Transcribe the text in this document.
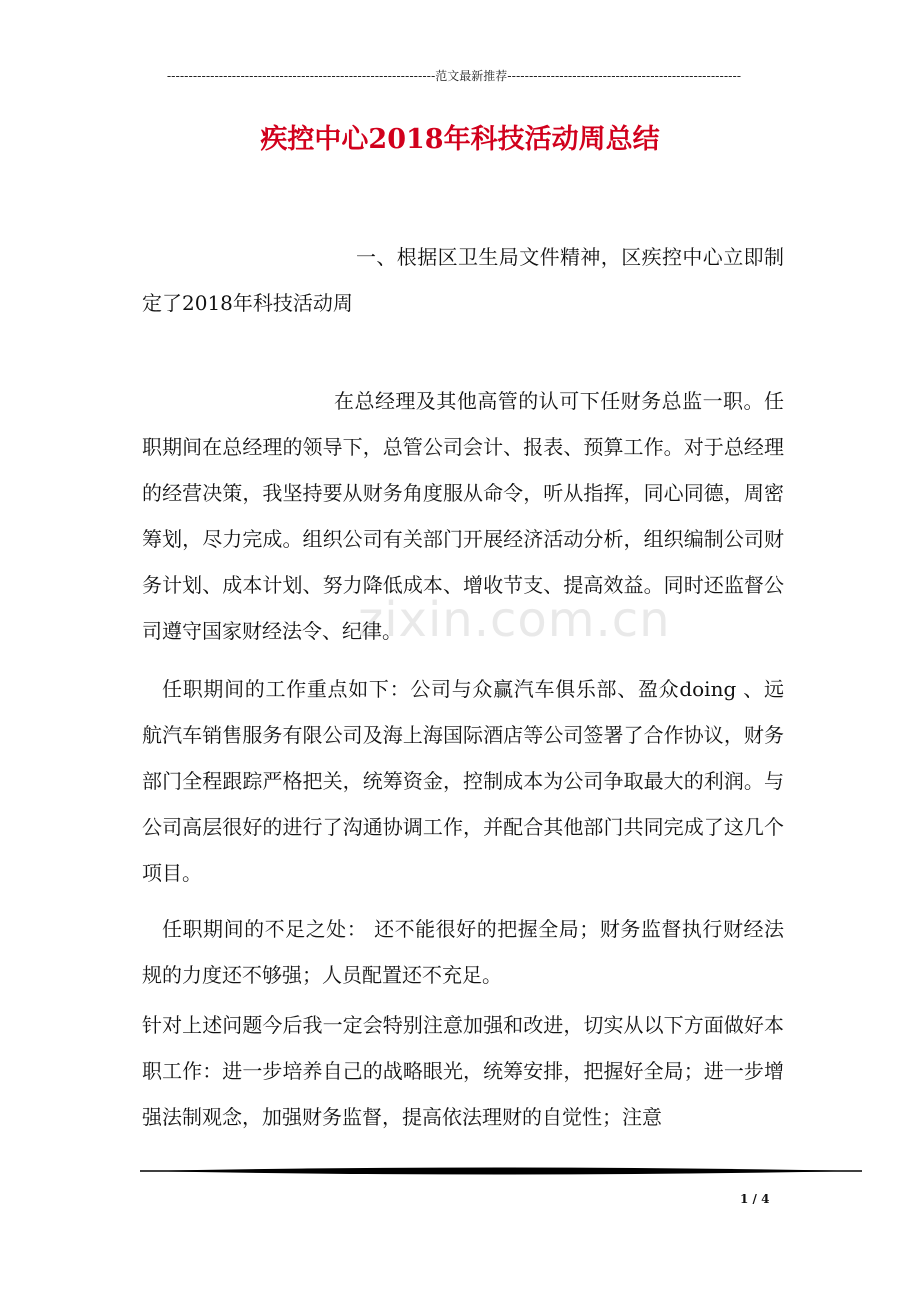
--------------------------------------------------------------范文最新推荐------------------------------------------------------
疾控中心2018年科技活动周总结
zixin.com.cn

一、根据区卫生局文件精神，区疾控中心立即制定了2018年科技活动周

在总经理及其他高管的认可下任财务总监一职。任职期间在总经理的领导下，总管公司会计、报表、预算工作。对于总经理的经营决策，我坚持要从财务角度服从命令，听从指挥，同心同德，周密筹划，尽力完成。组织公司有关部门开展经济活动分析，组织编制公司财务计划、成本计划、努力降低成本、增收节支、提高效益。同时还监督公司遵守国家财经法令、纪律。

任职期间的工作重点如下：公司与众赢汽车俱乐部、盈众doing 、远航汽车销售服务有限公司及海上海国际酒店等公司签署了合作协议，财务部门全程跟踪严格把关，统筹资金，控制成本为公司争取最大的利润。与公司高层很好的进行了沟通协调工作，并配合其他部门共同完成了这几个项目。

任职期间的不足之处： 还不能很好的把握全局；财务监督执行财经法规的力度还不够强；人员配置还不充足。

针对上述问题今后我一定会特别注意加强和改进，切实从以下方面做好本职工作：进一步培养自己的战略眼光，统筹安排，把握好全局；进一步增强法制观念，加强财务监督，提高依法理财的自觉性；注意

1 / 4
